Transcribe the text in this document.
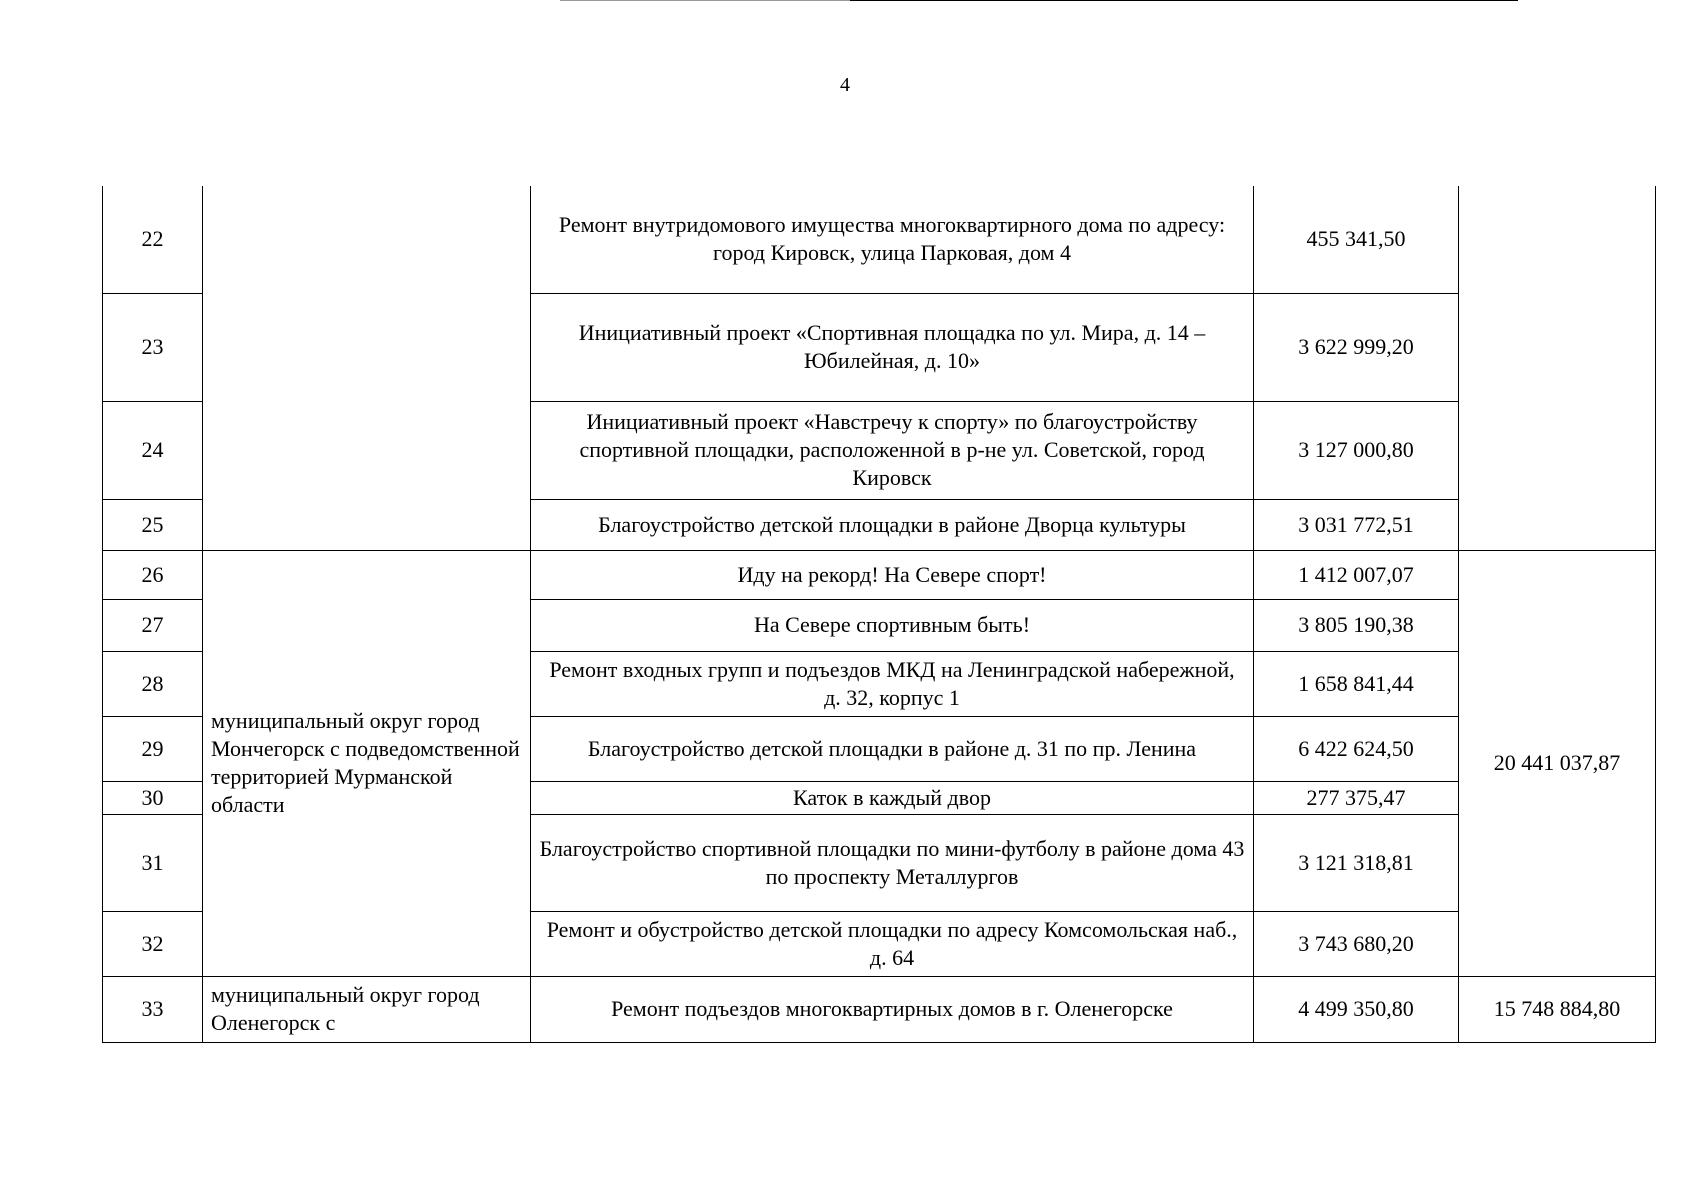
4
22		Ремонт внутридомового имущества многоквартирного дома по адресу: город Кировск, улица Парковая, дом 4	455 341,50	
23		Инициативный проект «Спортивная площадка по ул. Мира, д. 14 – Юбилейная, д. 10»	3 622 999,20	
24		Инициативный проект «Навстречу к спорту» по благоустройству спортивной площадки, расположенной в р-не ул. Советской, город Кировск	3 127 000,80	
25		Благоустройство детской площадки в районе Дворца культуры	3 031 772,51	
26	муниципальный округ город Мончегорск с подведомственной территорией Мурманской области	Иду на рекорд! На Севере спорт!	1 412 007,07	20 441 037,87
27		На Севере спортивным быть!	3 805 190,38	
28		Ремонт входных групп и подъездов МКД на Ленинградской набережной, д. 32, корпус 1	1 658 841,44	
29		Благоустройство детской площадки в районе д. 31 по пр. Ленина	6 422 624,50	
30		Каток в каждый двор	277 375,47	
31		Благоустройство спортивной площадки по мини-футболу в районе дома 43 по проспекту Металлургов	3 121 318,81	
32		Ремонт и обустройство детской площадки по адресу Комсомольская наб., д. 64	3 743 680,20	
33	муниципальный округ город Оленегорск с	Ремонт подъездов многоквартирных домов в г. Оленегорске	4 499 350,80	15 748 884,80
